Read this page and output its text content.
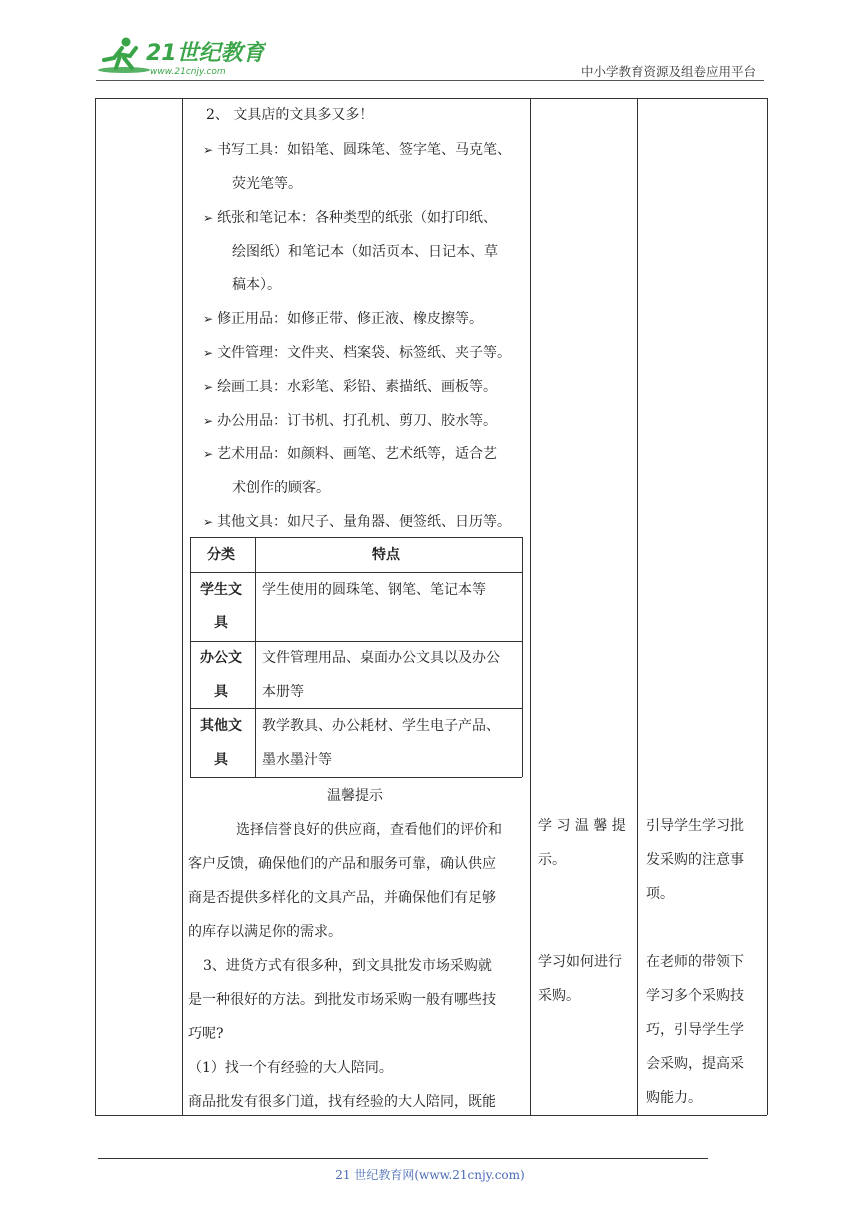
21世纪教育
www.21cnjy.com	中小学教育资源及组卷应用平台
2、 文具店的文具多又多！
➢ 书写工具：如铅笔、圆珠笔、签字笔、马克笔、
荧光笔等。
➢ 纸张和笔记本：各种类型的纸张（如打印纸、
绘图纸）和笔记本（如活页本、日记本、草
稿本）。
➢ 修正用品：如修正带、修正液、橡皮擦等。
➢ 文件管理：文件夹、档案袋、标签纸、夹子等。
➢ 绘画工具：水彩笔、彩铅、素描纸、画板等。
➢ 办公用品：订书机、打孔机、剪刀、胶水等。
➢ 艺术用品：如颜料、画笔、艺术纸等，适合艺
术创作的顾客。
➢ 其他文具：如尺子、量角器、便签纸、日历等。
分类	特点
学生文
具
学生使用的圆珠笔、钢笔、笔记本等
办公文
具
文件管理用品、桌面办公文具以及办公
本册等
其他文
具
教学教具、办公耗材、学生电子产品、
墨水墨汁等
温馨提示
选择信誉良好的供应商，查看他们的评价和
客户反馈，确保他们的产品和服务可靠，确认供应
商是否提供多样化的文具产品，并确保他们有足够
的库存以满足你的需求。
3、进货方式有很多种，到文具批发市场采购就
是一种很好的方法。到批发市场采购一般有哪些技
巧呢?
（1）找一个有经验的大人陪同。
商品批发有很多门道，找有经验的大人陪同，既能
学 习 温 馨 提
示。
学习如何进行
采购。
引导学生学习批
发采购的注意事
项。
在老师的带领下
学习多个采购技
巧，引导学生学
会采购，提高采
购能力。
21 世纪教育网(www.21cnjy.com)
